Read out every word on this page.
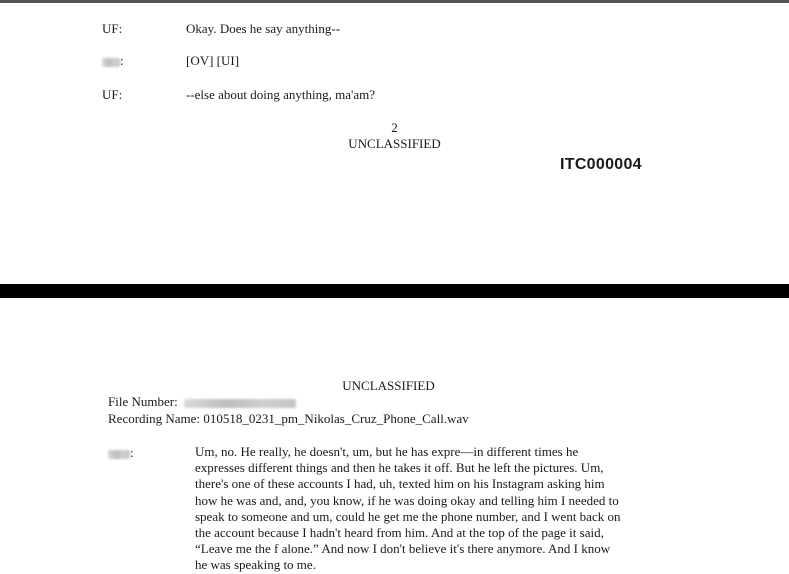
UF:	Okay. Does he say anything--
:	[OV] [UI]
UF:	--else about doing anything, ma'am?
2
UNCLASSIFIED
ITC000004
UNCLASSIFIED
File Number:
Recording Name: 010518_0231_pm_Nikolas_Cruz_Phone_Call.wav
:	Um, no. He really, he doesn't, um, but he has expre—in different times he
expresses different things and then he takes it off. But he left the pictures. Um,
there's one of these accounts I had, uh, texted him on his Instagram asking him
how he was and, and, you know, if he was doing okay and telling him I needed to
speak to someone and um, could he get me the phone number, and I went back on
the account because I hadn't heard from him. And at the top of the page it said,
“Leave me the f alone.” And now I don't believe it's there anymore. And I know
he was speaking to me.
